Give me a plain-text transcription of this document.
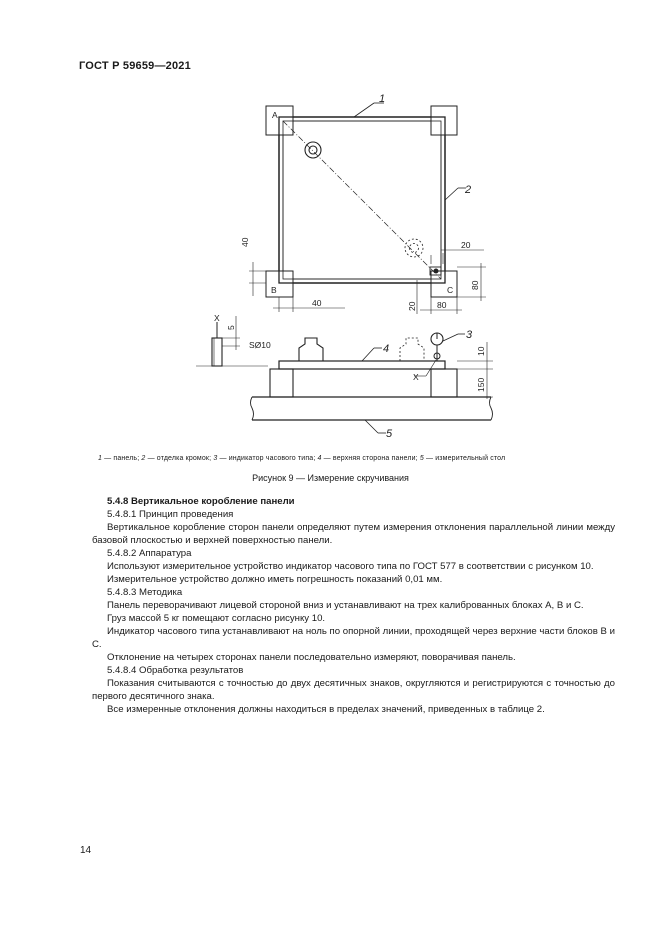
ГОСТ Р 59659—2021
A
B	C
1
2
3
4
5
20
40	80
SØ10
X
X
40
80
20
5
10
150
1 — панель; 2 — отделка кромок; 3 — индикатор часового типа; 4 — верхняя сторона панели; 5 — измерительный стол
Рисунок 9 — Измерение скручивания

5.4.8 Вертикальное коробление панели

5.4.8.1 Принцип проведения

Вертикальное коробление сторон панели определяют путем измерения отклонения параллельной линии между базовой плоскостью и верхней поверхностью панели.

5.4.8.2 Аппаратура

Используют измерительное устройство индикатор часового типа по ГОСТ 577 в соответствии с рисунком 10.

Измерительное устройство должно иметь погрешность показаний 0,01 мм.

5.4.8.3 Методика

Панель переворачивают лицевой стороной вниз и устанавливают на трех калиброванных блоках А, В и С.

Груз массой 5 кг помещают согласно рисунку 10.

Индикатор часового типа устанавливают на ноль по опорной линии, проходящей через верхние части блоков В и С.

Отклонение на четырех сторонах панели последовательно измеряют, поворачивая панель.

5.4.8.4 Обработка результатов

Показания считываются с точностью до двух десятичных знаков, округляются и регистрируются с точностью до первого десятичного знака.

Все измеренные отклонения должны находиться в пределах значений, приведенных в таблице 2.

14
